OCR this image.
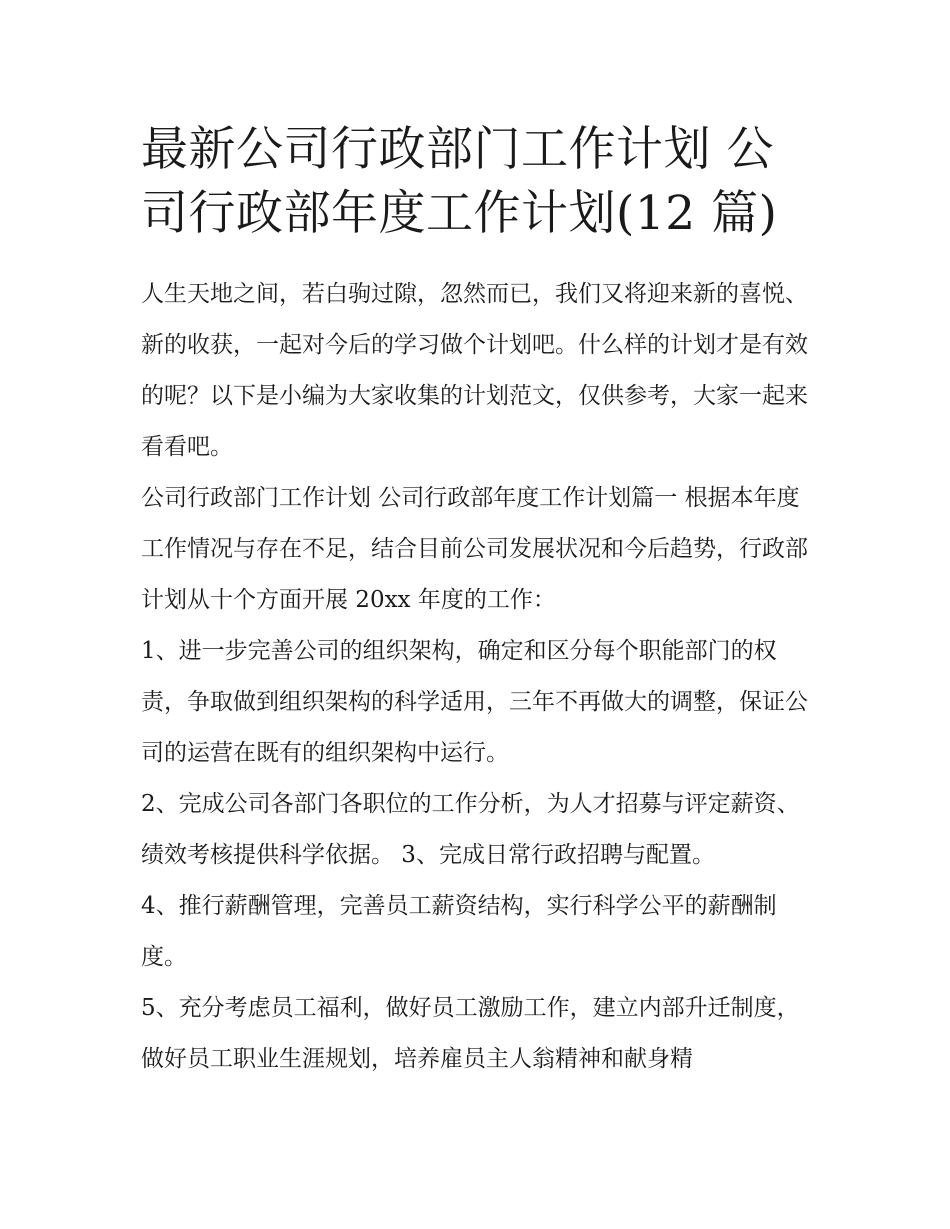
最新公司行政部门工作计划 公司行政部年度工作计划(12 篇)

人生天地之间，若白驹过隙，忽然而已，我们又将迎来新的喜悦、新的收获，一起对今后的学习做个计划吧。什么样的计划才是有效的呢？以下是小编为大家收集的计划范文，仅供参考，大家一起来看看吧。

公司行政部门工作计划 公司行政部年度工作计划篇一 根据本年度工作情况与存在不足，结合目前公司发展状况和今后趋势，行政部计划从十个方面开展 20xx 年度的工作：

1、进一步完善公司的组织架构，确定和区分每个职能部门的权责，争取做到组织架构的科学适用，三年不再做大的调整，保证公司的运营在既有的组织架构中运行。

2、完成公司各部门各职位的工作分析，为人才招募与评定薪资、绩效考核提供科学依据。 3、完成日常行政招聘与配置。

4、推行薪酬管理，完善员工薪资结构，实行科学公平的薪酬制度。

5、充分考虑员工福利，做好员工激励工作，建立内部升迁制度，做好员工职业生涯规划，培养雇员主人翁精神和献身精
